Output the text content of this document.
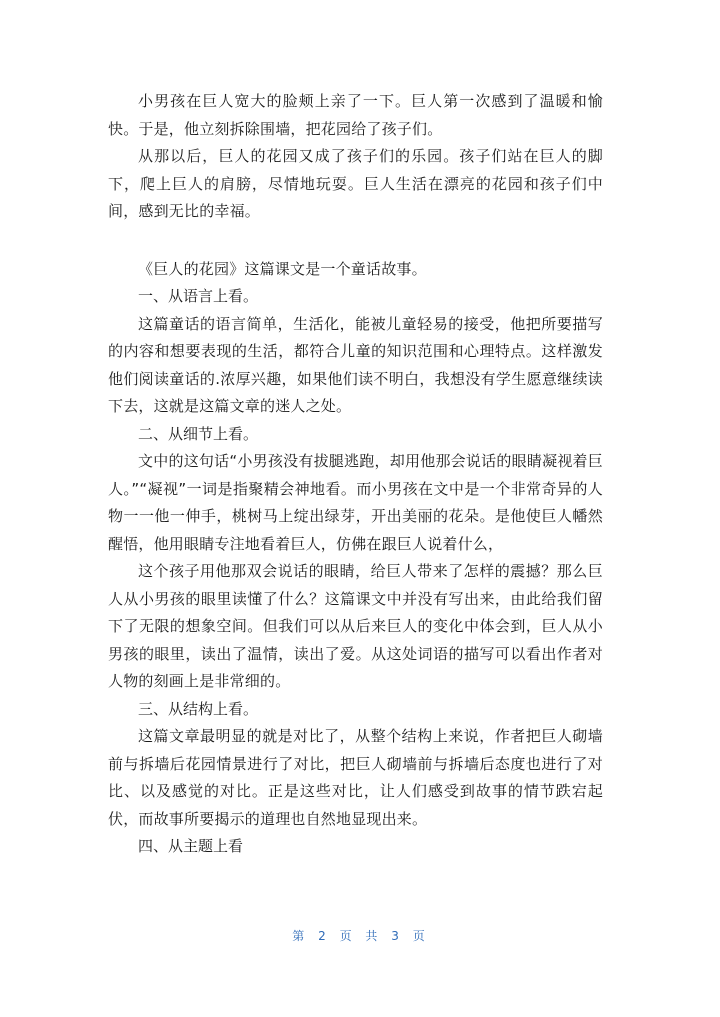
小男孩在巨人宽大的脸颊上亲了一下。巨人第一次感到了温暖和愉快。于是，他立刻拆除围墙，把花园给了孩子们。

从那以后，巨人的花园又成了孩子们的乐园。孩子们站在巨人的脚下，爬上巨人的肩膀，尽情地玩耍。巨人生活在漂亮的花园和孩子们中间，感到无比的幸福。

《巨人的花园》这篇课文是一个童话故事。

一、从语言上看。

这篇童话的语言简单，生活化，能被儿童轻易的接受，他把所要描写的内容和想要表现的生活，都符合儿童的知识范围和心理特点。这样激发他们阅读童话的.浓厚兴趣，如果他们读不明白，我想没有学生愿意继续读下去，这就是这篇文章的迷人之处。

二、从细节上看。

文中的这句话“小男孩没有拔腿逃跑，却用他那会说话的眼睛凝视着巨人。”“凝视”一词是指聚精会神地看。而小男孩在文中是一个非常奇异的人物一一他一伸手，桃树马上绽出绿芽，开出美丽的花朵。是他使巨人幡然醒悟，他用眼睛专注地看着巨人，仿佛在跟巨人说着什么，

这个孩子用他那双会说话的眼睛，给巨人带来了怎样的震撼？那么巨人从小男孩的眼里读懂了什么？这篇课文中并没有写出来，由此给我们留下了无限的想象空间。但我们可以从后来巨人的变化中体会到，巨人从小男孩的眼里，读出了温情，读出了爱。从这处词语的描写可以看出作者对人物的刻画上是非常细的。

三、从结构上看。

这篇文章最明显的就是对比了，从整个结构上来说，作者把巨人砌墙前与拆墙后花园情景进行了对比，把巨人砌墙前与拆墙后态度也进行了对比、以及感觉的对比。正是这些对比，让人们感受到故事的情节跌宕起伏，而故事所要揭示的道理也自然地显现出来。

四、从主题上看

第 2 页 共 3 页
